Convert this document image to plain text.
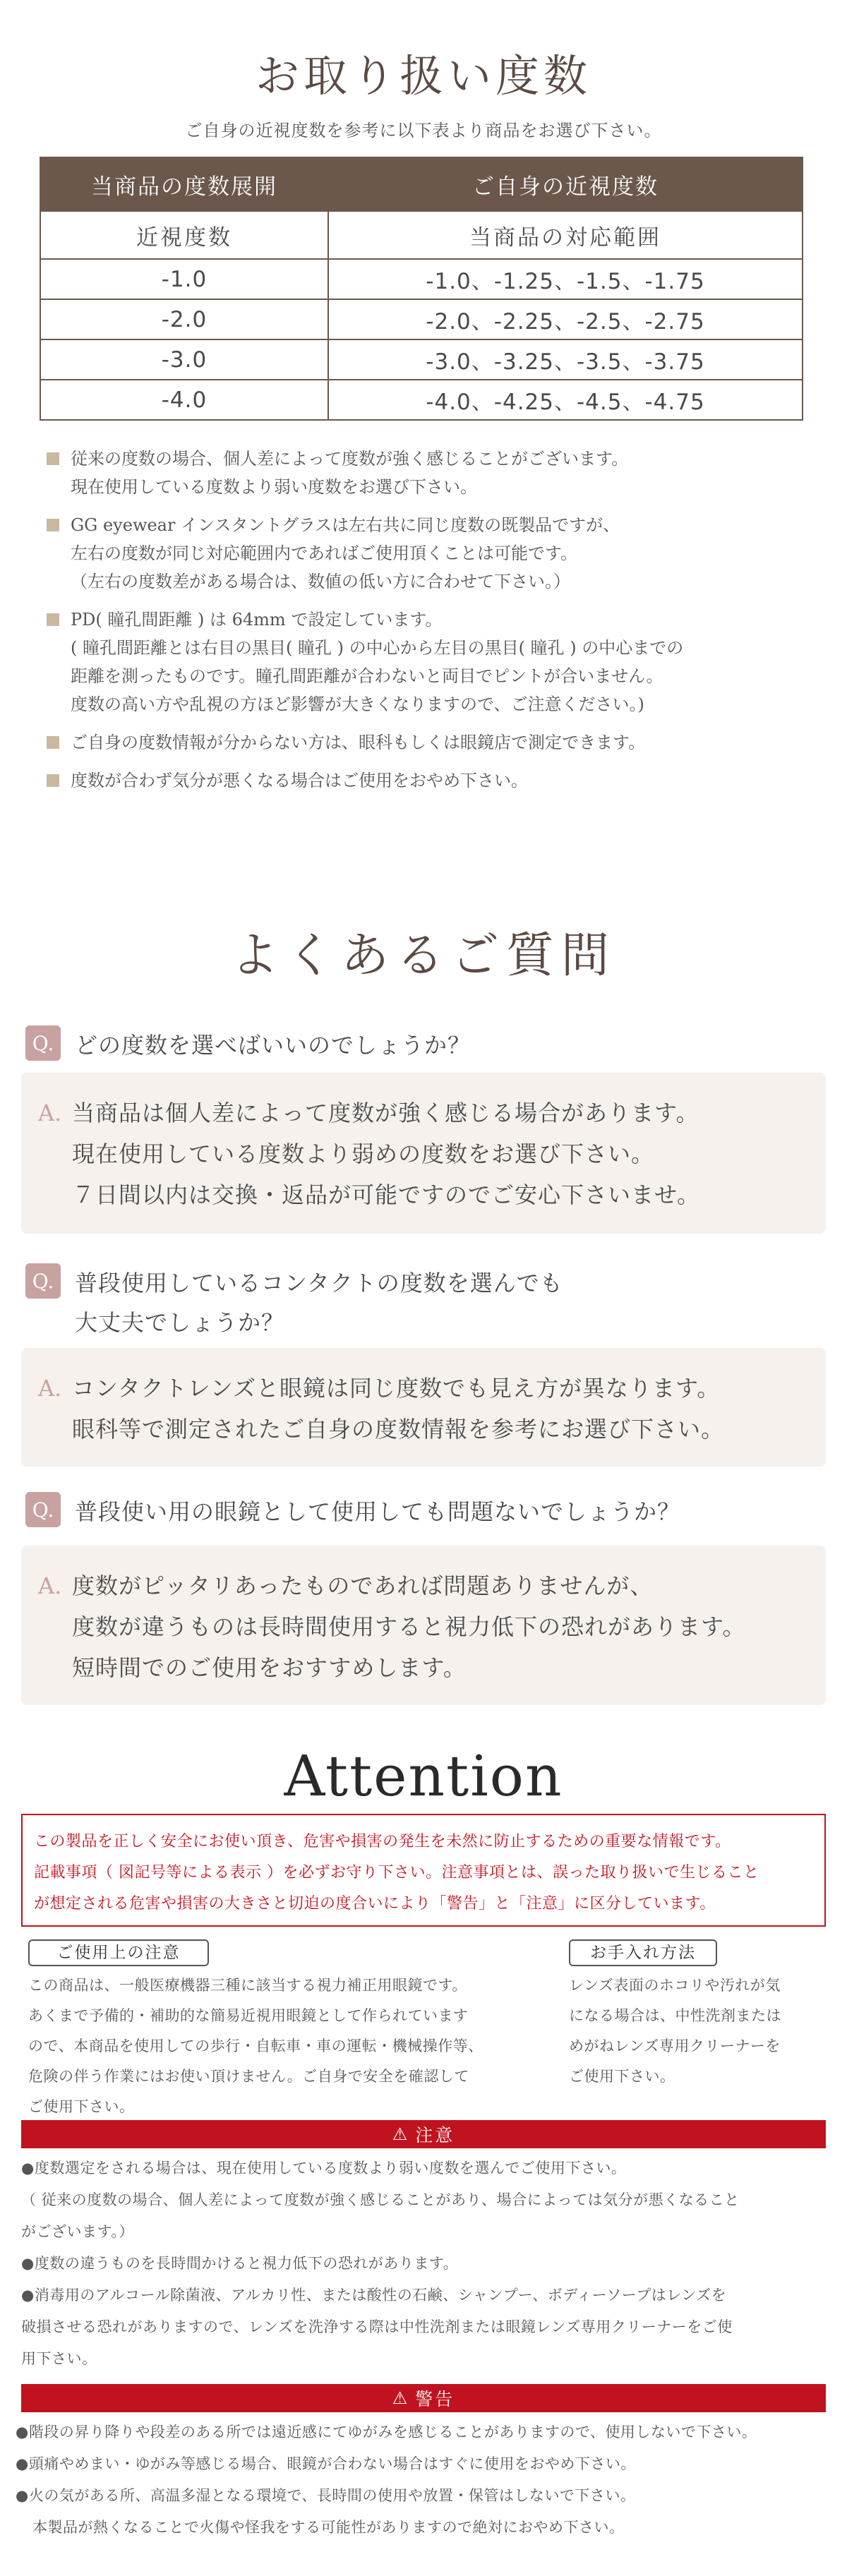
お取り扱い度数

ご自身の近視度数を参考に以下表より商品をお選び下さい。

当商品の度数展開	ご自身の近視度数
近視度数	当商品の対応範囲
-1.0	-1.0、-1.25、-1.5、-1.75
-2.0	-2.0、-2.25、-2.5、-2.75
-3.0	-3.0、-3.25、-3.5、-3.75
-4.0	-4.0、-4.25、-4.5、-4.75
従来の度数の場合、個人差によって度数が強く感じることがございます。
現在使用している度数より弱い度数をお選び下さい。
GG eyewear インスタントグラスは左右共に同じ度数の既製品ですが、
左右の度数が同じ対応範囲内であればご使用頂くことは可能です。
（左右の度数差がある場合は、数値の低い方に合わせて下さい。）
PD( 瞳孔間距離 ) は 64mm で設定しています。
( 瞳孔間距離とは右目の黒目( 瞳孔 ) の中心から左目の黒目( 瞳孔 ) の中心までの
距離を測ったものです。瞳孔間距離が合わないと両目でピントが合いません。
度数の高い方や乱視の方ほど影響が大きくなりますので、ご注意ください。)
ご自身の度数情報が分からない方は、眼科もしくは眼鏡店で測定できます。
度数が合わず気分が悪くなる場合はご使用をおやめ下さい。
よくあるご質問
Q. どの度数を選べばいいのでしょうか？
A. 当商品は個人差によって度数が強く感じる場合があります。
現在使用している度数より弱めの度数をお選び下さい。
７日間以内は交換・返品が可能ですのでご安心下さいませ。
Q. 普段使用しているコンタクトの度数を選んでも
大丈夫でしょうか？
A. コンタクトレンズと眼鏡は同じ度数でも見え方が異なります。
眼科等で測定されたご自身の度数情報を参考にお選び下さい。
Q. 普段使い用の眼鏡として使用しても問題ないでしょうか？
A. 度数がピッタリあったものであれば問題ありませんが、
度数が違うものは長時間使用すると視力低下の恐れがあります。
短時間でのご使用をおすすめします。
Attention
この製品を正しく安全にお使い頂き、危害や損害の発生を未然に防止するための重要な情報です。
記載事項（ 図記号等による表示 ）を必ずお守り下さい。注意事項とは、誤った取り扱いで生じること
が想定される危害や損害の大きさと切迫の度合いにより「警告」と「注意」に区分しています。
ご使用上の注意	お手入れ方法
この商品は、一般医療機器三種に該当する視力補正用眼鏡です。
あくまで予備的・補助的な簡易近視用眼鏡として作られています
ので、本商品を使用しての歩行・自転車・車の運転・機械操作等、
危険の伴う作業にはお使い頂けません。ご自身で安全を確認して
ご使用下さい。
レンズ表面のホコリや汚れが気
になる場合は、中性洗剤または
めがねレンズ専用クリーナーを
ご使用下さい。
⚠ 注意
●度数選定をされる場合は、現在使用している度数より弱い度数を選んでご使用下さい。
（ 従来の度数の場合、個人差によって度数が強く感じることがあり、場合によっては気分が悪くなること
がございます。）
●度数の違うものを長時間かけると視力低下の恐れがあります。
●消毒用のアルコール除菌液、アルカリ性、または酸性の石鹸、シャンプー、ボディーソープはレンズを
破損させる恐れがありますので、レンズを洗浄する際は中性洗剤または眼鏡レンズ専用クリーナーをご使
用下さい。
⚠ 警告
●階段の昇り降りや段差のある所では遠近感にてゆがみを感じることがありますので、使用しないで下さい。
●頭痛やめまい・ゆがみ等感じる場合、眼鏡が合わない場合はすぐに使用をおやめ下さい。
●火の気がある所、高温多湿となる環境で、長時間の使用や放置・保管はしないで下さい。
本製品が熱くなることで火傷や怪我をする可能性がありますので絶対におやめ下さい。
